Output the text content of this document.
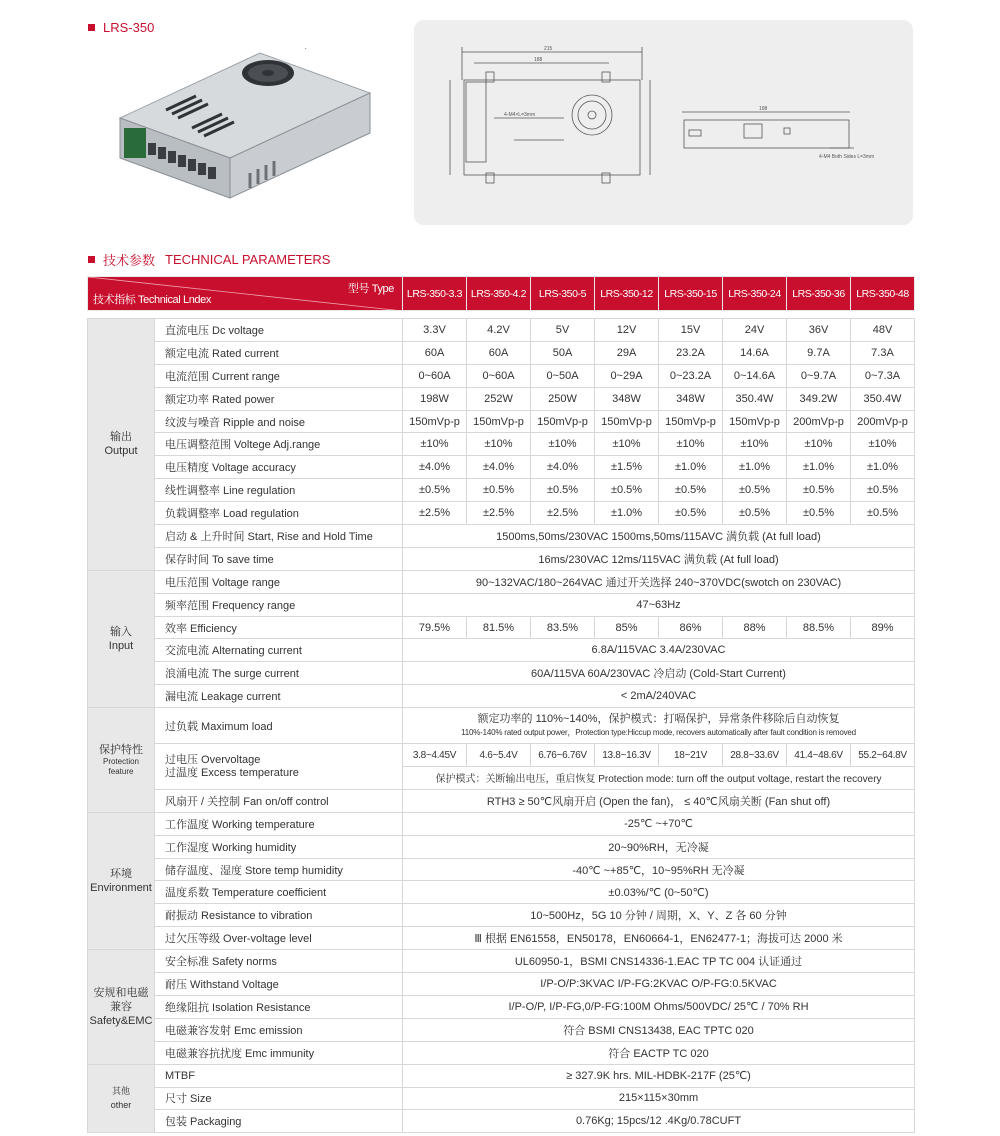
LRS-350
215
188
4-M4×L=3mm
198
4-M4 Both Sides L=3mm
技术参数 TECHNICAL PARAMETERS
型号 Type
技术指标 Technical Lndex		LRS-350-3.3	LRS-350-4.2	LRS-350-5	LRS-350-12	LRS-350-15	LRS-350-24	LRS-350-36	LRS-350-48

输出
Output	直流电压 Dc voltage	3.3V	4.2V	5V	12V	15V	24V	36V	48V
	额定电流 Rated current	60A	60A	50A	29A	23.2A	14.6A	9.7A	7.3A
	电流范围 Current range	0~60A	0~60A	0~50A	0~29A	0~23.2A	0~14.6A	0~9.7A	0~7.3A
	额定功率 Rated power	198W	252W	250W	348W	348W	350.4W	349.2W	350.4W
	纹波与噪音 Ripple and noise	150mVp-p	150mVp-p	150mVp-p	150mVp-p	150mVp-p	150mVp-p	200mVp-p	200mVp-p
	电压调整范围 Voltege Adj.range	±10%	±10%	±10%	±10%	±10%	±10%	±10%	±10%
	电压精度 Voltage accuracy	±4.0%	±4.0%	±4.0%	±1.5%	±1.0%	±1.0%	±1.0%	±1.0%
	线性调整率 Line regulation	±0.5%	±0.5%	±0.5%	±0.5%	±0.5%	±0.5%	±0.5%	±0.5%
	负载调整率 Load regulation	±2.5%	±2.5%	±2.5%	±1.0%	±0.5%	±0.5%	±0.5%	±0.5%
	启动 & 上升时间 Start, Rise and Hold Time	1500ms,50ms/230VAC 1500ms,50ms/115AVC 满负载 (At full load)							
	保存时间 To save time	16ms/230VAC 12ms/115VAC 满负载 (At full load)							
输入
Input	电压范围 Voltage range	90~132VAC/180~264VAC 通过开关选择 240~370VDC(swotch on 230VAC)							
	频率范围 Frequency range	47~63Hz							
	效率 Efficiency	79.5%	81.5%	83.5%	85%	86%	88%	88.5%	89%
	交流电流 Alternating current	6.8A/115VAC 3.4A/230VAC							
	浪涌电流 The surge current	60A/115VA 60A/230VAC 冷启动 (Cold-Start Current)							
	漏电流 Leakage current	< 2mA/240VAC							
保护特性

Protection
feature	过负载 Maximum load	额定功率的 110%~140%，保护模式：打嗝保护，异常条件移除后自动恢复
110%-140% rated output power，Protection type:Hiccup mode, recovers automatically after fault condition is removed							

	过电压 Overvoltage
过温度 Excess temperature	3.8~4.45V	4.6~5.4V	6.76~6.76V	13.8~16.3V	18~21V	28.8~33.6V	41.4~48.6V	55.2~64.8V
		保护模式：关断输出电压，重启恢复 Protection mode: turn off the output voltage, restart the recovery							
	风扇开 / 关控制 Fan on/off control	RTH3 ≥ 50℃风扇开启 (Open the fan)， ≤ 40℃风扇关断 (Fan shut off)							
环境
Environment	工作温度 Working temperature	-25℃ ~+70℃							
	工作湿度 Working humidity	20~90%RH，无冷凝							
	储存温度、湿度 Store temp humidity	-40℃ ~+85℃，10~95%RH 无冷凝							
	温度系数 Temperature coefficient	±0.03%/℃ (0~50℃)							
	耐振动 Resistance to vibration	10~500Hz，5G 10 分钟 / 周期，X、Y、Z 各 60 分钟							
	过欠压等级 Over-voltage level	Ⅲ 根据 EN61558，EN50178，EN60664-1，EN62477-1；海拔可达 2000 米							
安规和电磁
兼容
Safety&EMC	安全标准 Safety norms	UL60950-1，BSMI CNS14336-1.EAC TP TC 004 认证通过							
	耐压 Withstand Voltage	I/P-O/P:3KVAC I/P-FG:2KVAC O/P-FG:0.5KVAC							
	绝缘阻抗 Isolation Resistance	I/P-O/P, I/P-FG,0/P-FG:100M Ohms/500VDC/ 25℃ / 70% RH							
	电磁兼容发射 Emc emission	符合 BSMI CNS13438, EAC TPTC 020							
	电磁兼容抗扰度 Emc immunity	符合 EACTP TC 020							
其他
other	MTBF	≥ 327.9K hrs. MIL-HDBK-217F (25℃)							
	尺寸 Size	215×115×30mm							
	包装 Packaging	0.76Kg; 15pcs/12 .4Kg/0.78CUFT							
